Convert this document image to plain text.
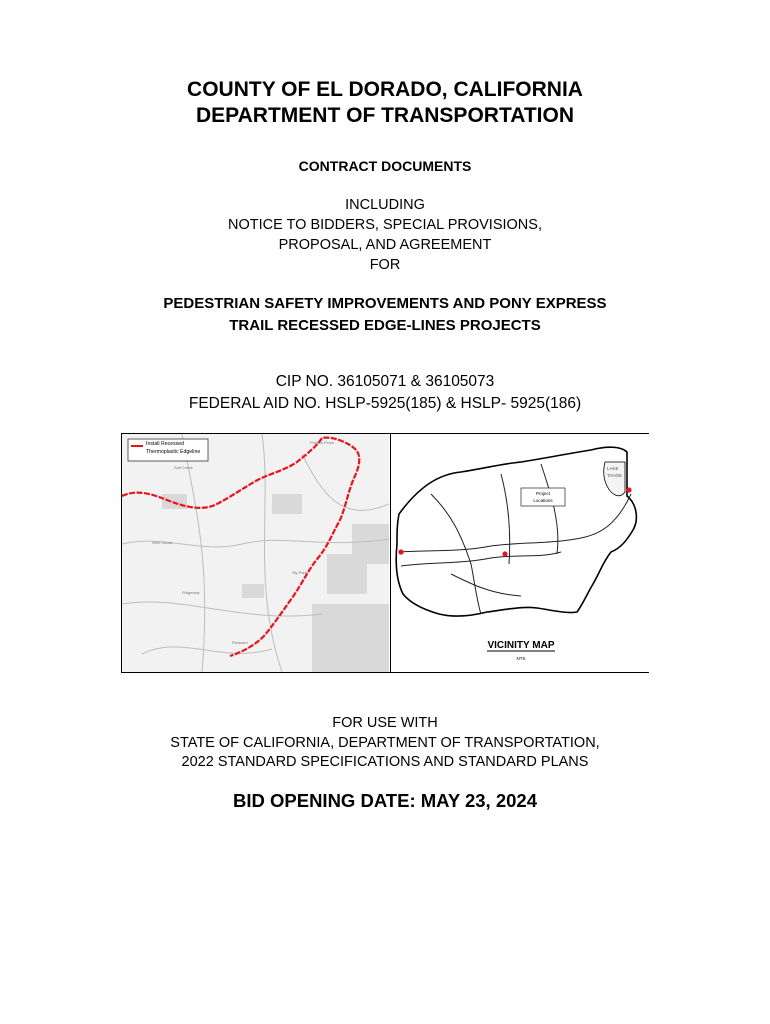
COUNTY OF EL DORADO, CALIFORNIA
DEPARTMENT OF TRANSPORTATION
CONTRACT DOCUMENTS
INCLUDING
NOTICE TO BIDDERS, SPECIAL PROVISIONS,
PROPOSAL, AND AGREEMENT
FOR
PEDESTRIAN SAFETY IMPROVEMENTS AND PONY EXPRESS
TRAIL RECESSED EDGE-LINES PROJECTS
CIP NO. 36105071 & 36105073
FEDERAL AID NO. HSLP-5925(185) & HSLP- 5925(186)
Install Recessed
Thermoplastic Edgeline
Salt Creek
Pollock Pines
Wild Goose
Sly Park
Ridgeway
Pleasant
LAKE
TAHOE
Project
Locations
VICINITY MAP
NTS
FOR USE WITH
STATE OF CALIFORNIA, DEPARTMENT OF TRANSPORTATION,
2022 STANDARD SPECIFICATIONS AND STANDARD PLANS
BID OPENING DATE: MAY 23, 2024
